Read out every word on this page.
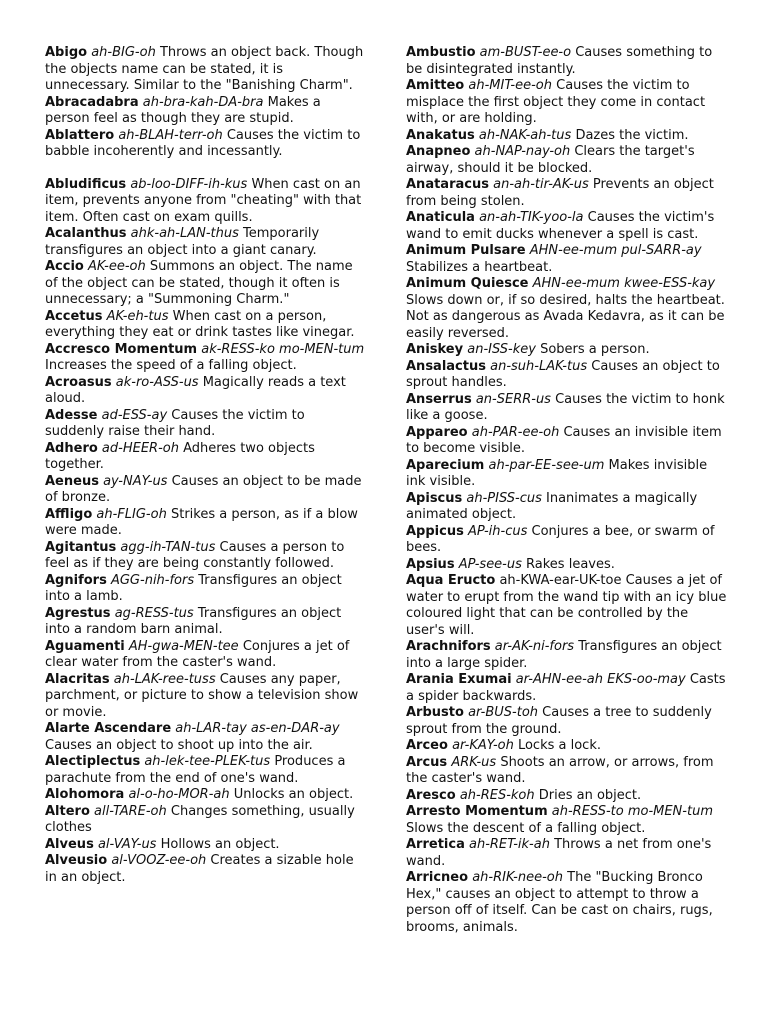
Abigo ah-BIG-oh Throws an object back. Though the objects name can be stated, it is unnecessary. Similar to the "Banishing Charm".

Abracadabra ah-bra-kah-DA-bra Makes a person feel as though they are stupid.

Ablattero ah-BLAH-terr-oh Causes the victim to babble incoherently and incessantly.

Abludificus ab-loo-DIFF-ih-kus When cast on an item, prevents anyone from "cheating" with that item. Often cast on exam quills.

Acalanthus ahk-ah-LAN-thus Temporarily transfigures an object into a giant canary.

Accio AK-ee-oh Summons an object. The name of the object can be stated, though it often is unnecessary; a "Summoning Charm."

Accetus AK-eh-tus When cast on a person, everything they eat or drink tastes like vinegar.

Accresco Momentum ak-RESS-ko mo-MEN-tum Increases the speed of a falling object.

Acroasus ak-ro-ASS-us Magically reads a text aloud.

Adesse ad-ESS-ay Causes the victim to suddenly raise their hand.

Adhero ad-HEER-oh Adheres two objects together.

Aeneus ay-NAY-us Causes an object to be made of bronze.

Affligo ah-FLIG-oh Strikes a person, as if a blow were made.

Agitantus agg-ih-TAN-tus Causes a person to feel as if they are being constantly followed.

Agnifors AGG-nih-fors Transfigures an object into a lamb.

Agrestus ag-RESS-tus Transfigures an object into a random barn animal.

Aguamenti AH-gwa-MEN-tee Conjures a jet of clear water from the caster's wand.

Alacritas ah-LAK-ree-tuss Causes any paper, parchment, or picture to show a television show or movie.

Alarte Ascendare ah-LAR-tay as-en-DAR-ay Causes an object to shoot up into the air.

Alectiplectus ah-lek-tee-PLEK-tus Produces a parachute from the end of one's wand.

Alohomora al-o-ho-MOR-ah Unlocks an object.

Altero all-TARE-oh Changes something, usually clothes

Alveus al-VAY-us Hollows an object.

Alveusio al-VOOZ-ee-oh Creates a sizable hole in an object.

Ambustio am-BUST-ee-o Causes something to be disintegrated instantly.

Amitteo ah-MIT-ee-oh Causes the victim to misplace the first object they come in contact with, or are holding.

Anakatus ah-NAK-ah-tus Dazes the victim.

Anapneo ah-NAP-nay-oh Clears the target's airway, should it be blocked.

Anataracus an-ah-tir-AK-us Prevents an object from being stolen.

Anaticula an-ah-TIK-yoo-la Causes the victim's wand to emit ducks whenever a spell is cast.

Animum Pulsare AHN-ee-mum pul-SARR-ay Stabilizes a heartbeat.

Animum Quiesce AHN-ee-mum kwee-ESS-kay Slows down or, if so desired, halts the heartbeat. Not as dangerous as Avada Kedavra, as it can be easily reversed.

Aniskey an-ISS-key Sobers a person.

Ansalactus an-suh-LAK-tus Causes an object to sprout handles.

Anserrus an-SERR-us Causes the victim to honk like a goose.

Appareo ah-PAR-ee-oh Causes an invisible item to become visible.

Aparecium ah-par-EE-see-um Makes invisible ink visible.

Apiscus ah-PISS-cus Inanimates a magically animated object.

Appicus AP-ih-cus Conjures a bee, or swarm of bees.

Apsius AP-see-us Rakes leaves.

Aqua Eructo ah-KWA-ear-UK-toe Causes a jet of water to erupt from the wand tip with an icy blue coloured light that can be controlled by the user's will.

Arachnifors ar-AK-ni-fors Transfigures an object into a large spider.

Arania Exumai ar-AHN-ee-ah EKS-oo-may Casts a spider backwards.

Arbusto ar-BUS-toh Causes a tree to suddenly sprout from the ground.

Arceo ar-KAY-oh Locks a lock.

Arcus ARK-us Shoots an arrow, or arrows, from the caster's wand.

Aresco ah-RES-koh Dries an object.

Arresto Momentum ah-RESS-to mo-MEN-tum Slows the descent of a falling object.

Arretica ah-RET-ik-ah Throws a net from one's wand.

Arricneo ah-RIK-nee-oh The "Bucking Bronco Hex," causes an object to attempt to throw a person off of itself. Can be cast on chairs, rugs, brooms, animals.
